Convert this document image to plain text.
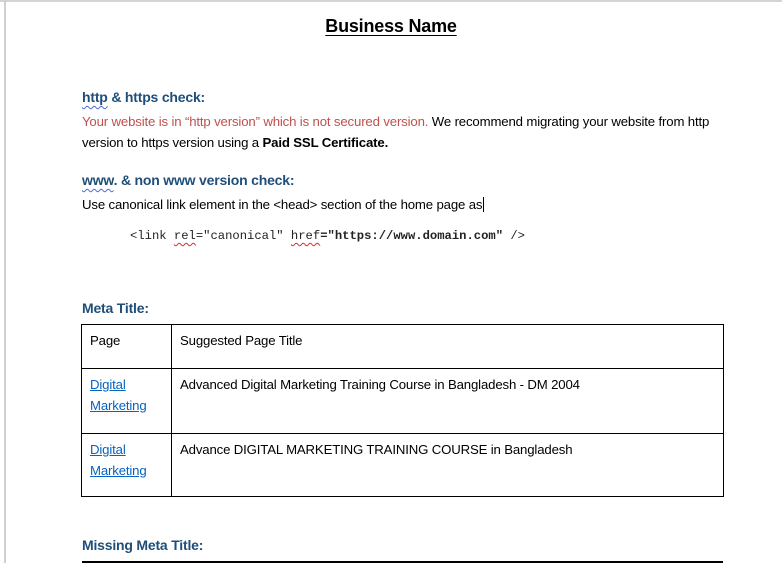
Business Name
http & https check:
Your website is in “http version” which is not secured version. We recommend migrating your website from http version to https version using a Paid SSL Certificate.
www. & non www version check:
Use canonical link element in the <head> section of the home page as
<link rel="canonical" href="https://www.domain.com" />
Meta Title:
Page	Suggested Page Title
Digital Marketing	Advanced Digital Marketing Training Course in Bangladesh - DM 2004
Digital Marketing	Advance DIGITAL MARKETING TRAINING COURSE in Bangladesh
Missing Meta Title:
